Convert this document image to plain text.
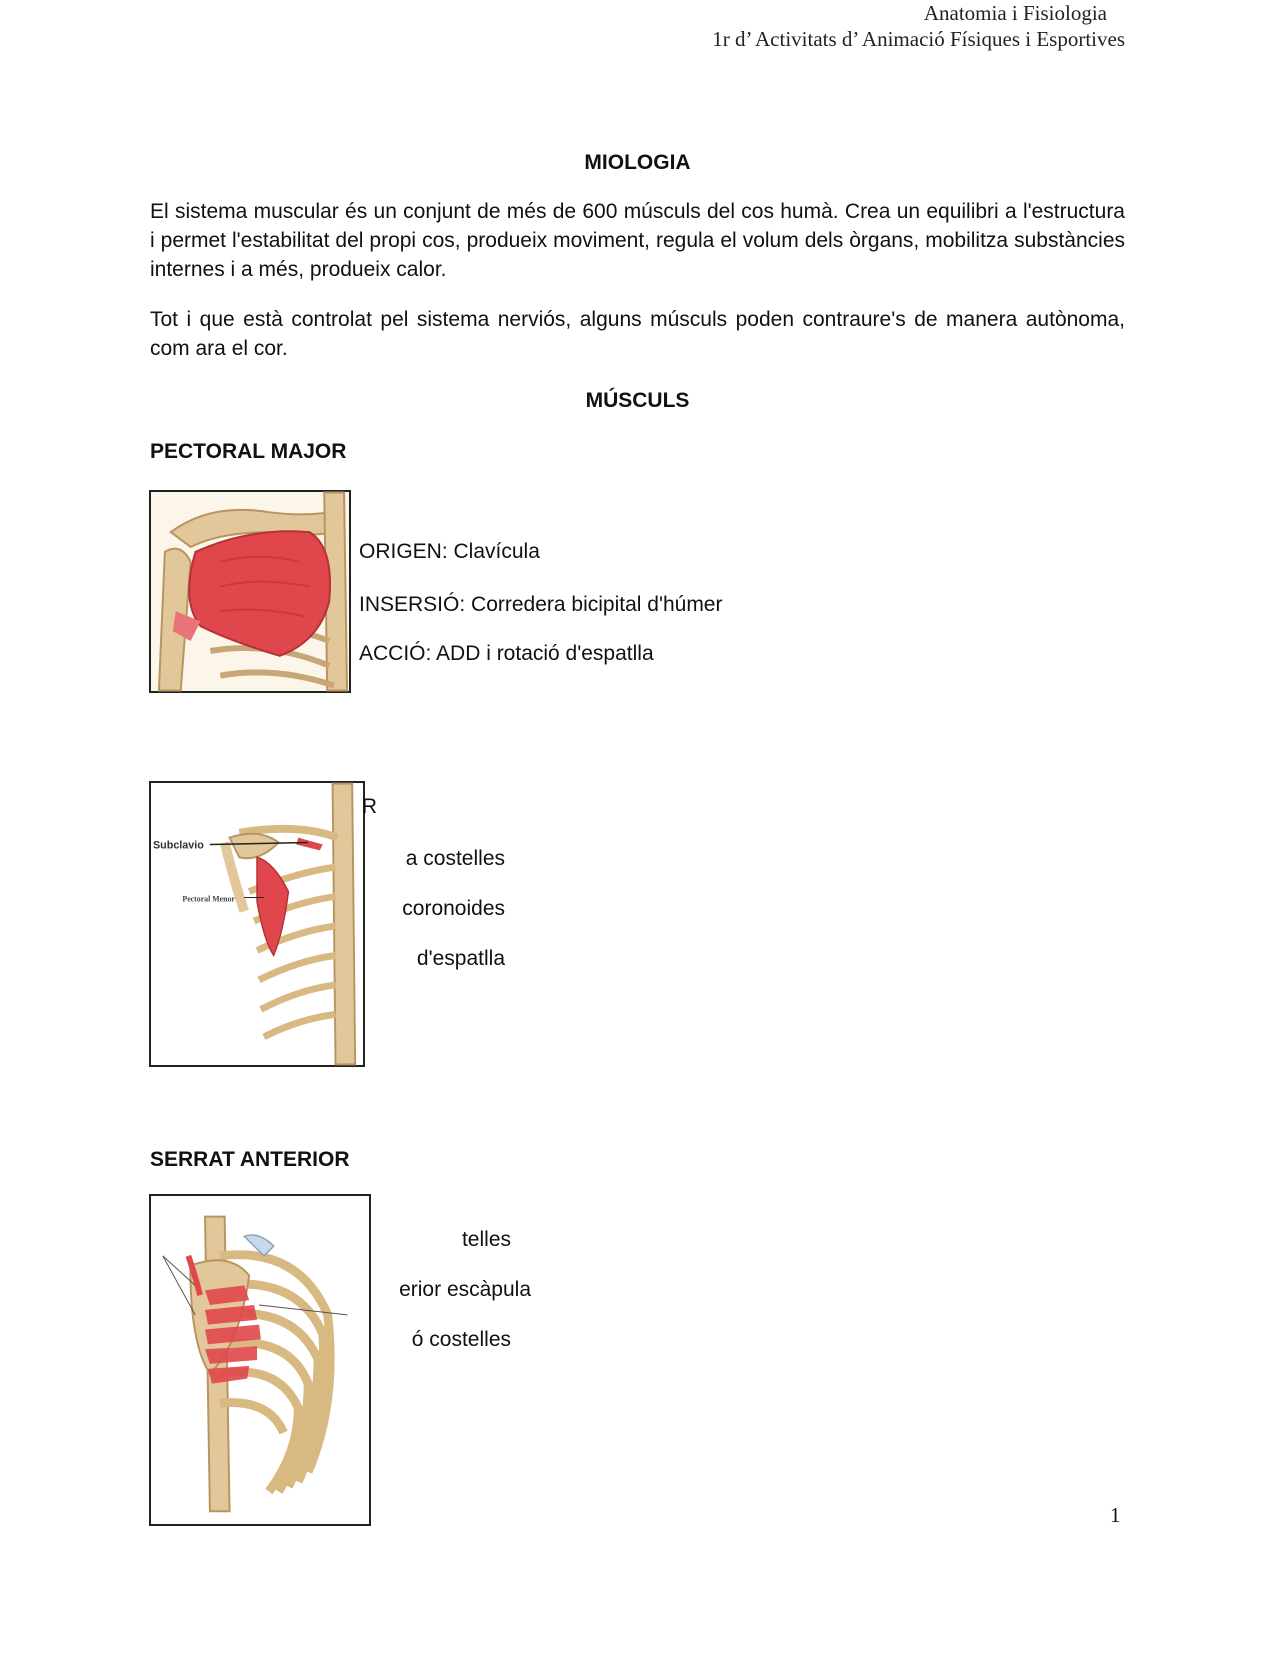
Anatomia i Fisiologia
1r d’ Activitats d’ Animació Físiques i Esportives
MIOLOGIA
El sistema muscular és un conjunt de més de 600 músculs del cos humà. Crea un equilibri a l'estructura i permet l'estabilitat del propi cos, produeix moviment, regula el volum dels òrgans, mobilitza substàncies internes i a més, produeix calor.
Tot i que està controlat pel sistema nerviós, alguns músculs poden contraure's de manera autònoma, com ara el cor.
MÚSCULS
PECTORAL MAJOR
ORIGEN: Clavícula
INSERSIÓ: Corredera bicipital d'húmer
ACCIÓ: ADD i rotació d'espatlla
Subclavio
Pectoral Menor
R
a costelles
coronoides
d'espatlla
SERRAT ANTERIOR
telles
erior escàpula
ó costelles
1
